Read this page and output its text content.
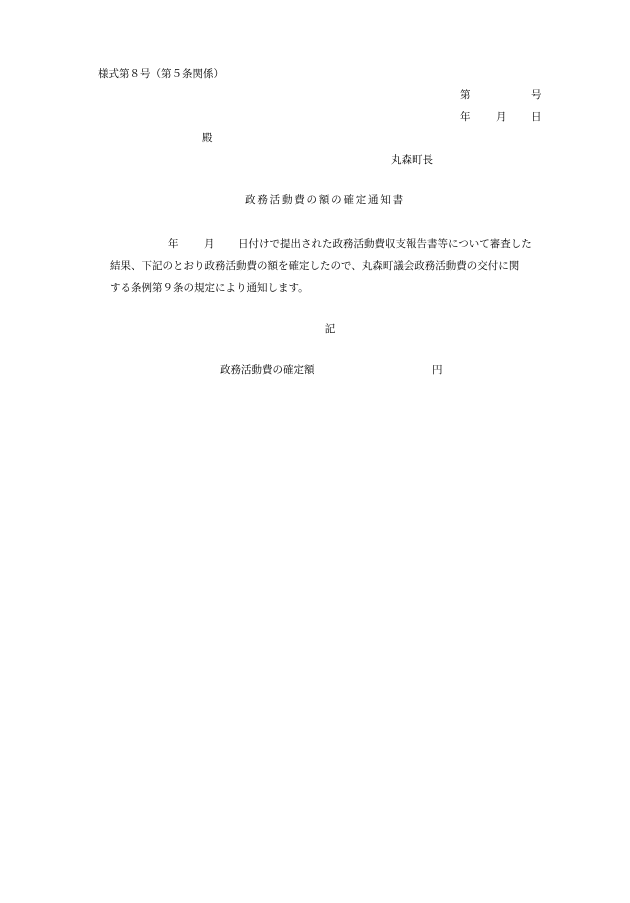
様式第８号（第５条関係）
第	号
年 月 日
殿
丸森町長
政務活動費の額の確定通知書
年 月 日付けで提出された政務活動費収支報告書等について審査した
結果、下記のとおり政務活動費の額を確定したので、丸森町議会政務活動費の交付に関
する条例第９条の規定により通知します。
記
政務活動費の確定額	円
